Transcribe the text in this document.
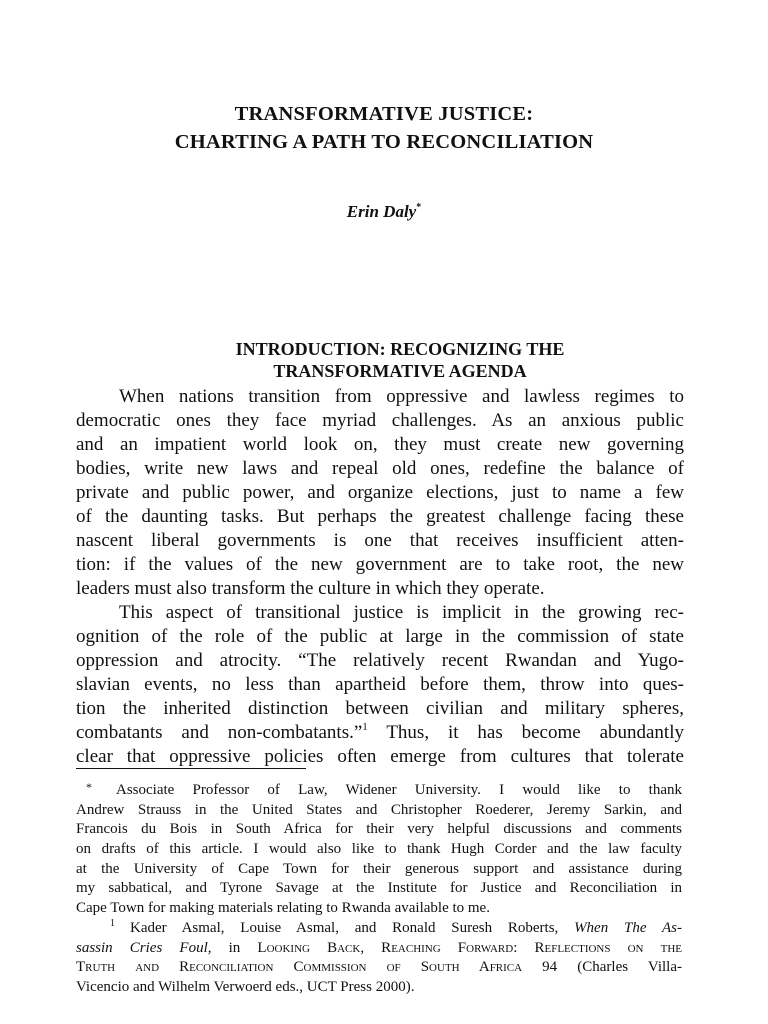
TRANSFORMATIVE JUSTICE:
CHARTING A PATH TO RECONCILIATION
Erin Daly*
INTRODUCTION: RECOGNIZING THE
TRANSFORMATIVE AGENDA
When nations transition from oppressive and lawless regimes to
democratic ones they face myriad challenges. As an anxious public
and an impatient world look on, they must create new governing
bodies, write new laws and repeal old ones, redefine the balance of
private and public power, and organize elections, just to name a few
of the daunting tasks. But perhaps the greatest challenge facing these
nascent liberal governments is one that receives insufficient atten-
tion: if the values of the new government are to take root, the new
leaders must also transform the culture in which they operate.
This aspect of transitional justice is implicit in the growing rec-
ognition of the role of the public at large in the commission of state
oppression and atrocity. “The relatively recent Rwandan and Yugo-
slavian events, no less than apartheid before them, throw into ques-
tion the inherited distinction between civilian and military spheres,
combatants and non-combatants.”$^1$ Thus, it has become abundantly
clear that oppressive policies often emerge from cultures that tolerate
* Associate Professor of Law, Widener University. I would like to thank
Andrew Strauss in the United States and Christopher Roederer, Jeremy Sarkin, and
Francois du Bois in South Africa for their very helpful discussions and comments
on drafts of this article. I would also like to thank Hugh Corder and the law faculty
at the University of Cape Town for their generous support and assistance during
my sabbatical, and Tyrone Savage at the Institute for Justice and Reconciliation in
Cape Town for making materials relating to Rwanda available to me.
1 Kader Asmal, Louise Asmal, and Ronald Suresh Roberts, When The As-
sassin Cries Foul, in Looking Back, Reaching Forward: Reflections on the
Truth and Reconciliation Commission of South Africa 94 (Charles Villa-
Vicencio and Wilhelm Verwoerd eds., UCT Press 2000).
